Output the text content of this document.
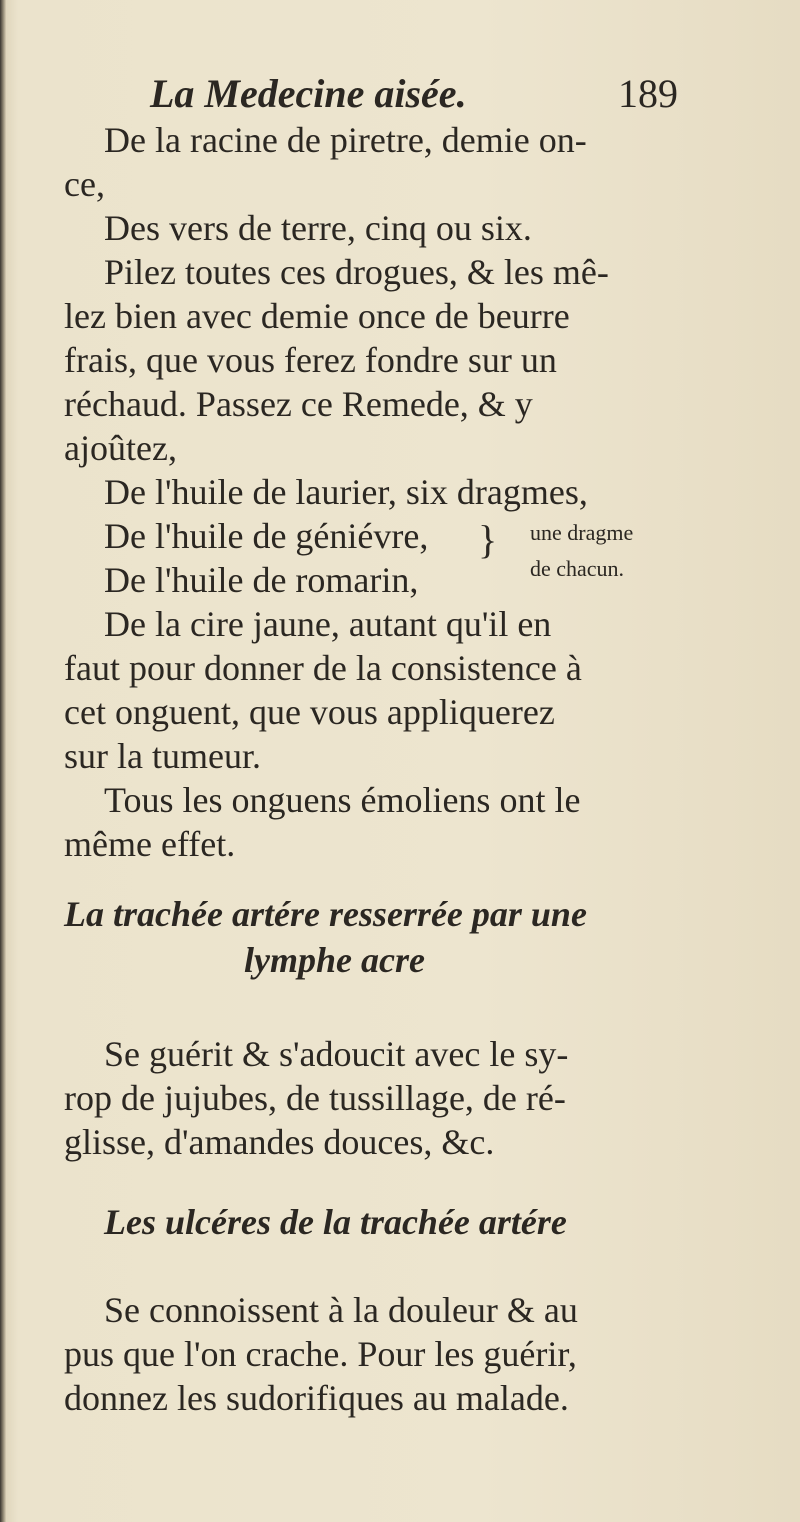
La Medecine aisée.	189
De la racine de piretre, demie on-
ce,
Des vers de terre, cinq ou six.
Pilez toutes ces drogues, & les mê-
lez bien avec demie once de beurre
frais, que vous ferez fondre sur un
réchaud. Passez ce Remede, & y
ajoûtez,
De l'huile de laurier, six dragmes,
De l'huile de géniévre,
De l'huile de romarin,
} une dragme
de chacun.
De la cire jaune, autant qu'il en
faut pour donner de la consistence à
cet onguent, que vous appliquerez
sur la tumeur.
Tous les onguens émoliens ont le
même effet.
La trachée artére resserrée par une
lymphe acre
Se guérit & s'adoucit avec le sy-
rop de jujubes, de tussillage, de ré-
glisse, d'amandes douces, &c.
Les ulcéres de la trachée artére
Se connoissent à la douleur & au
pus que l'on crache. Pour les guérir,
donnez les sudorifiques au malade.
